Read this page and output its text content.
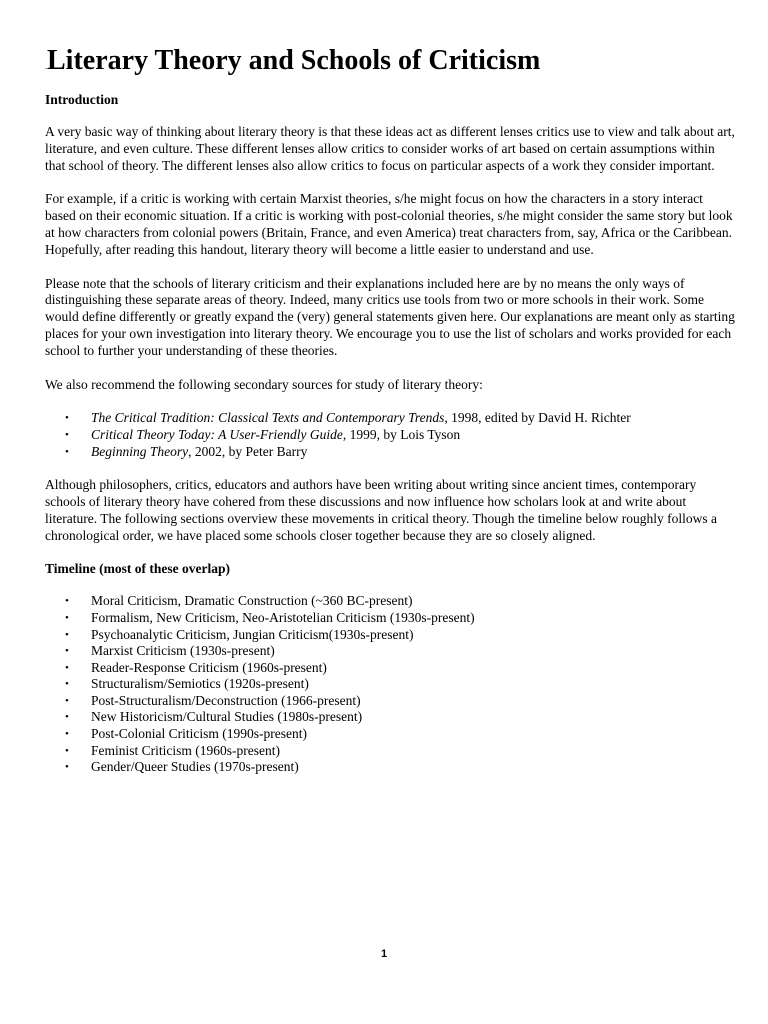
. Literary Theory and Schools of Criticism
Introduction

A very basic way of thinking about literary theory is that these ideas act as different lenses critics use to view and talk about art, literature, and even culture. These different lenses allow critics to consider works of art based on certain assumptions within that school of theory. The different lenses also allow critics to focus on particular aspects of a work they consider important.

For example, if a critic is working with certain Marxist theories, s/he might focus on how the characters in a story interact based on their economic situation. If a critic is working with post-colonial theories, s/he might consider the same story but look at how characters from colonial powers (Britain, France, and even America) treat characters from, say, Africa or the Caribbean. Hopefully, after reading this handout, literary theory will become a little easier to understand and use.

Please note that the schools of literary criticism and their explanations included here are by no means the only ways of distinguishing these separate areas of theory. Indeed, many critics use tools from two or more schools in their work. Some would define differently or greatly expand the (very) general statements given here. Our explanations are meant only as starting places for your own investigation into literary theory. We encourage you to use the list of scholars and works provided for each school to further your understanding of these theories.

We also recommend the following secondary sources for study of literary theory:

• The Critical Tradition: Classical Texts and Contemporary Trends, 1998, edited by David H. Richter
• Critical Theory Today: A User-Friendly Guide, 1999, by Lois Tyson
• Beginning Theory, 2002, by Peter Barry

Although philosophers, critics, educators and authors have been writing about writing since ancient times, contemporary schools of literary theory have cohered from these discussions and now influence how scholars look at and write about literature. The following sections overview these movements in critical theory. Though the timeline below roughly follows a chronological order, we have placed some schools closer together because they are so closely aligned.

Timeline (most of these overlap)
• Moral Criticism, Dramatic Construction (~360 BC-present)
• Formalism, New Criticism, Neo-Aristotelian Criticism (1930s-present)
• Psychoanalytic Criticism, Jungian Criticism(1930s-present)
• Marxist Criticism (1930s-present)
• Reader-Response Criticism (1960s-present)
• Structuralism/Semiotics (1920s-present)
• Post-Structuralism/Deconstruction (1966-present)
• New Historicism/Cultural Studies (1980s-present)
• Post-Colonial Criticism (1990s-present)
• Feminist Criticism (1960s-present)
• Gender/Queer Studies (1970s-present)
1
